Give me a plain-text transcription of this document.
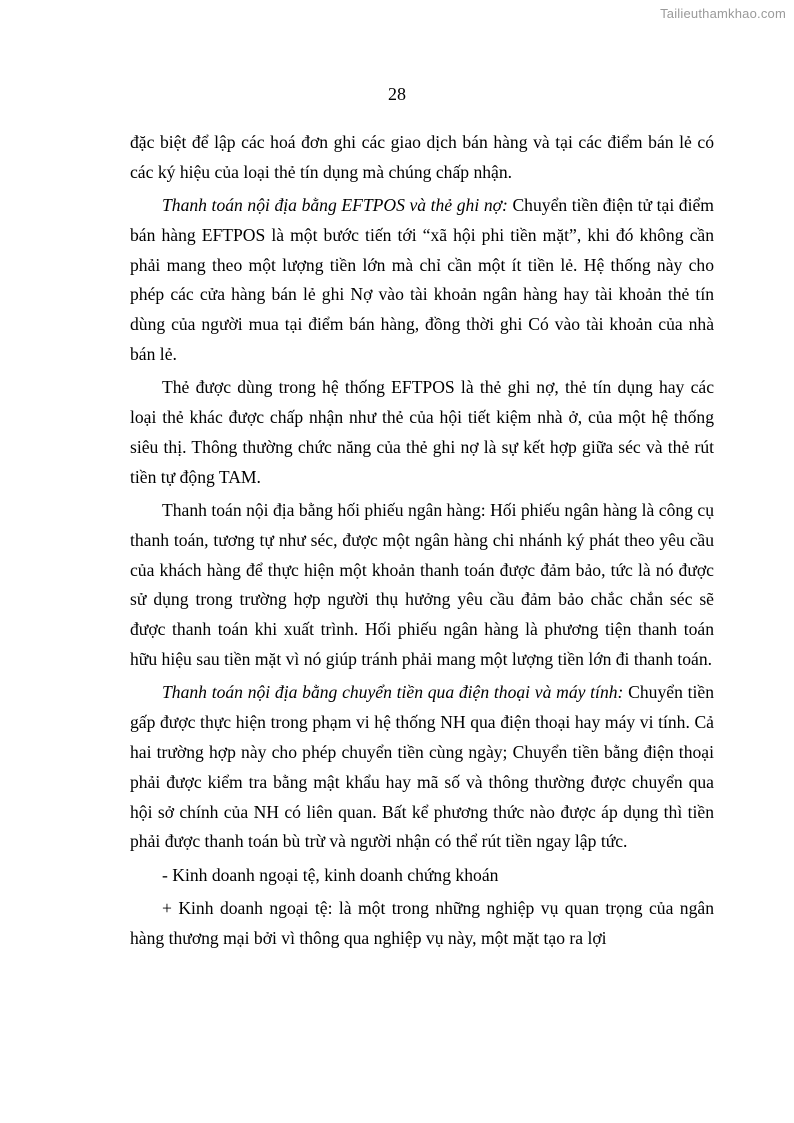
Tailieuthamkhao.com
28

đặc biệt để lập các hoá đơn ghi các giao dịch bán hàng và tại các điểm bán lẻ có các ký hiệu của loại thẻ tín dụng mà chúng chấp nhận.

Thanh toán nội địa bằng EFTPOS và thẻ ghi nợ: Chuyển tiền điện tử tại điểm bán hàng EFTPOS là một bước tiến tới “xã hội phi tiền mặt”, khi đó không cần phải mang theo một lượng tiền lớn mà chỉ cần một ít tiền lẻ. Hệ thống này cho phép các cửa hàng bán lẻ ghi Nợ vào tài khoản ngân hàng hay tài khoản thẻ tín dùng của người mua tại điểm bán hàng, đồng thời ghi Có vào tài khoản của nhà bán lẻ.

Thẻ được dùng trong hệ thống EFTPOS là thẻ ghi nợ, thẻ tín dụng hay các loại thẻ khác được chấp nhận như thẻ của hội tiết kiệm nhà ở, của một hệ thống siêu thị. Thông thường chức năng của thẻ ghi nợ là sự kết hợp giữa séc và thẻ rút tiền tự động TAM.

Thanh toán nội địa bằng hối phiếu ngân hàng: Hối phiếu ngân hàng là công cụ thanh toán, tương tự như séc, được một ngân hàng chi nhánh ký phát theo yêu cầu của khách hàng để thực hiện một khoản thanh toán được đảm bảo, tức là nó được sử dụng trong trường hợp người thụ hưởng yêu cầu đảm bảo chắc chắn séc sẽ được thanh toán khi xuất trình. Hối phiếu ngân hàng là phương tiện thanh toán hữu hiệu sau tiền mặt vì nó giúp tránh phải mang một lượng tiền lớn đi thanh toán.

Thanh toán nội địa bằng chuyển tiền qua điện thoại và máy tính: Chuyển tiền gấp được thực hiện trong phạm vi hệ thống NH qua điện thoại hay máy vi tính. Cả hai trường hợp này cho phép chuyển tiền cùng ngày; Chuyển tiền bằng điện thoại phải được kiểm tra bằng mật khẩu hay mã số và thông thường được chuyển qua hội sở chính của NH có liên quan. Bất kể phương thức nào được áp dụng thì tiền phải được thanh toán bù trừ và người nhận có thể rút tiền ngay lập tức.

- Kinh doanh ngoại tệ, kinh doanh chứng khoán

+ Kinh doanh ngoại tệ: là một trong những nghiệp vụ quan trọng của ngân hàng thương mại bởi vì thông qua nghiệp vụ này, một mặt tạo ra lợi
